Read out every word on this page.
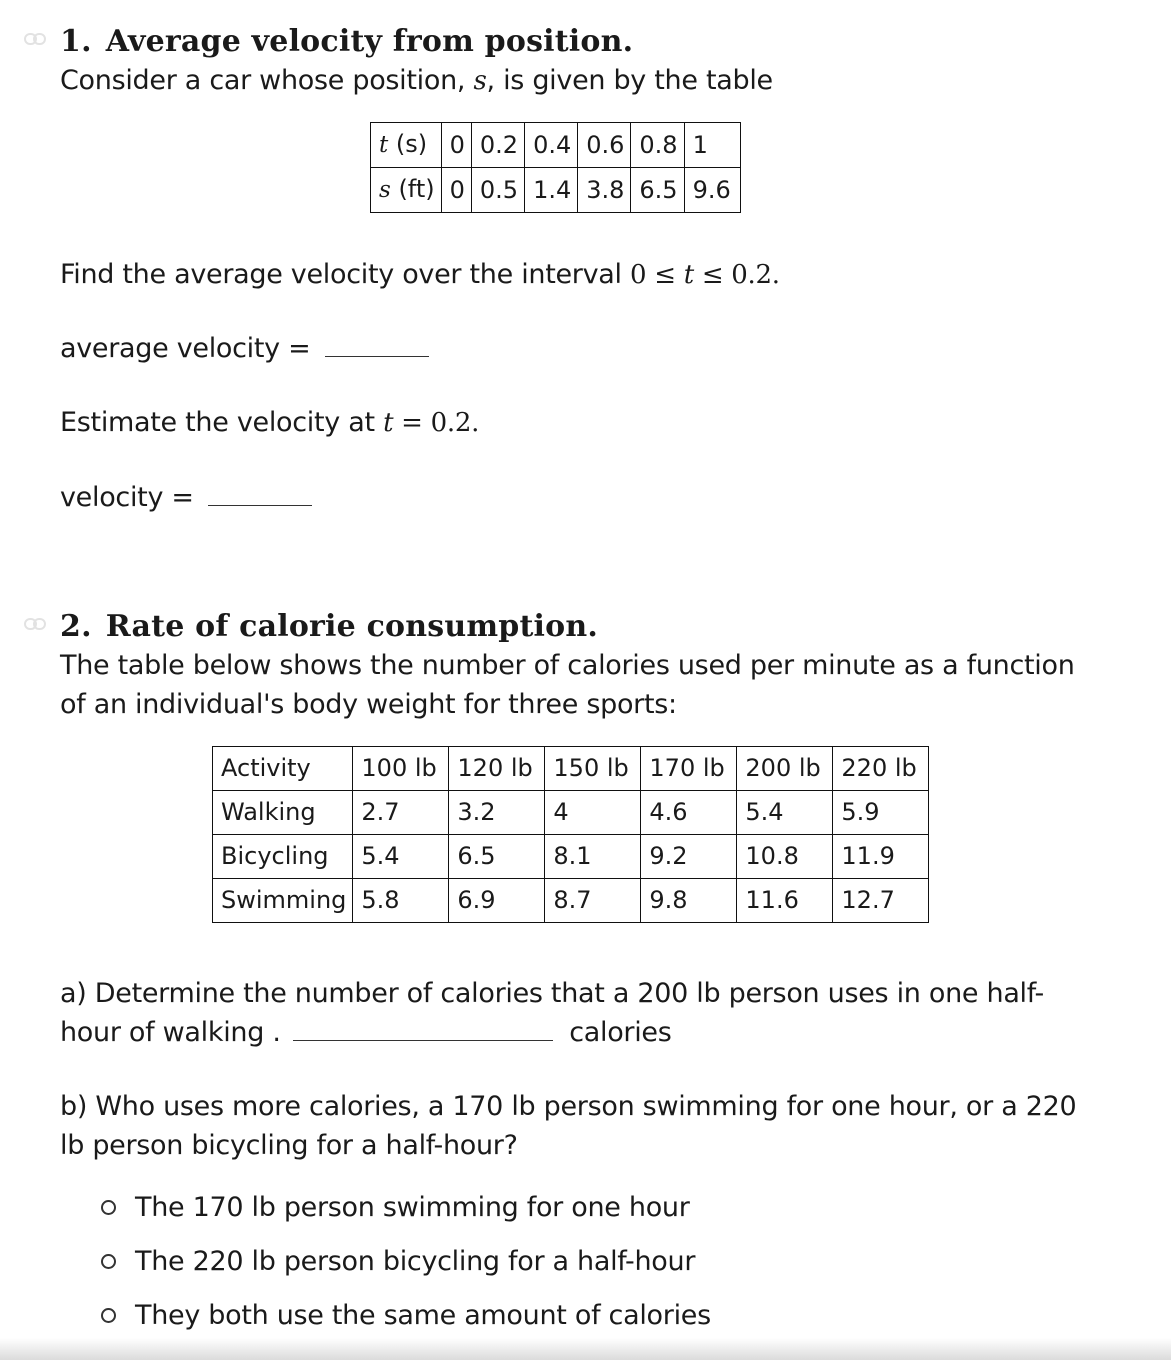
1. Average velocity from position.
Consider a car whose position, s, is given by the table
t (s)	0	0.2	0.4	0.6	0.8	1
s (ft)	0	0.5	1.4	3.8	6.5	9.6
Find the average velocity over the interval 0 ≤ t ≤ 0.2.
average velocity =
Estimate the velocity at t = 0.2.
velocity =
2. Rate of calorie consumption.
The table below shows the number of calories used per minute as a function
of an individual's body weight for three sports:
Activity	100 lb	120 lb	150 lb	170 lb	200 lb	220 lb
Walking	2.7	3.2	4	4.6	5.4	5.9
Bicycling	5.4	6.5	8.1	9.2	10.8	11.9
Swimming	5.8	6.9	8.7	9.8	11.6	12.7
a) Determine the number of calories that a 200 lb person uses in one half-
hour of walking .	calories
b) Who uses more calories, a 170 lb person swimming for one hour, or a 220
lb person bicycling for a half-hour?
The 170 lb person swimming for one hour
The 220 lb person bicycling for a half-hour
They both use the same amount of calories
